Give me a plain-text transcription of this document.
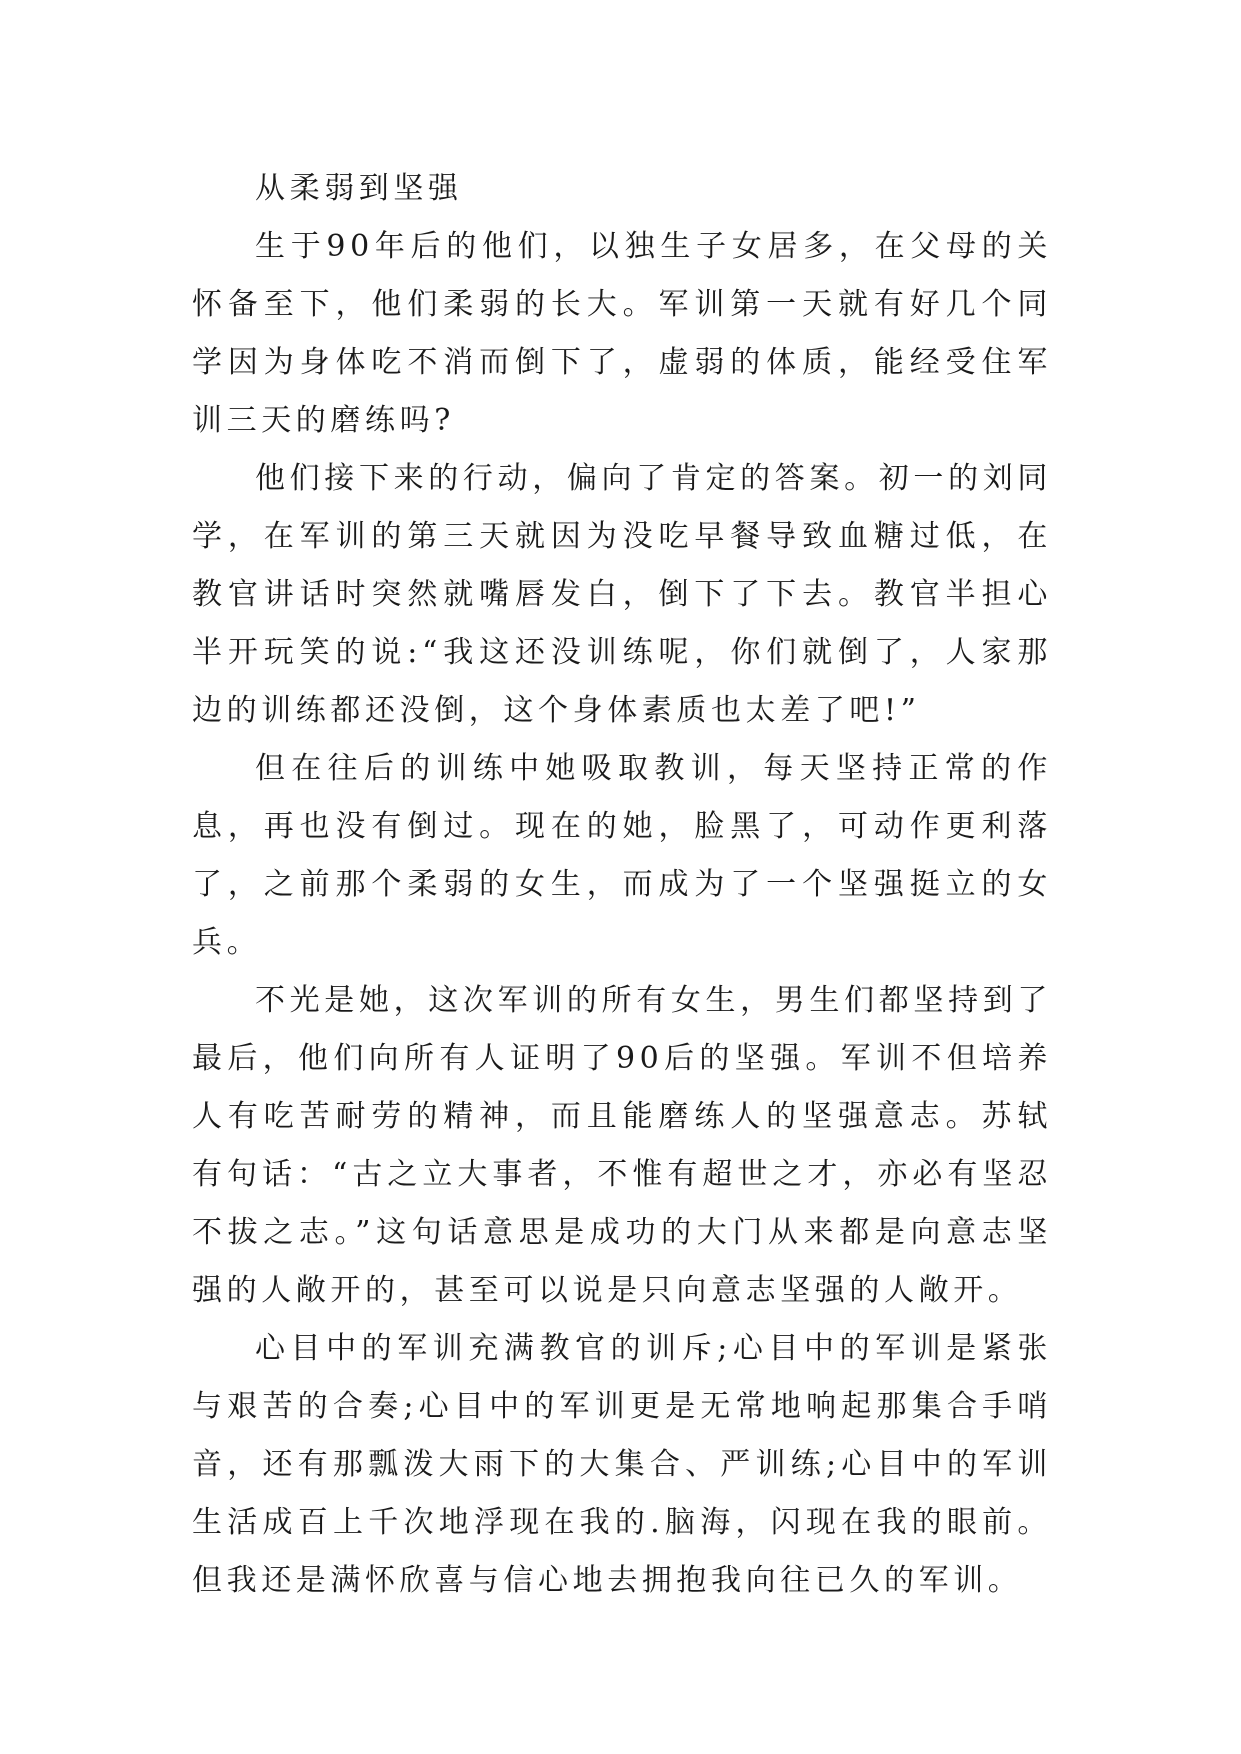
从柔弱到坚强

生于90年后的他们，以独生子女居多，在父母的关怀备至下，他们柔弱的长大。军训第一天就有好几个同学因为身体吃不消而倒下了，虚弱的体质，能经受住军训三天的磨练吗?

他们接下来的行动，偏向了肯定的答案。初一的刘同学，在军训的第三天就因为没吃早餐导致血糖过低，在教官讲话时突然就嘴唇发白，倒下了下去。教官半担心半开玩笑的说:“我这还没训练呢，你们就倒了，人家那边的训练都还没倒，这个身体素质也太差了吧!”

但在往后的训练中她吸取教训，每天坚持正常的作息，再也没有倒过。现在的她，脸黑了，可动作更利落了，之前那个柔弱的女生，而成为了一个坚强挺立的女兵。

不光是她，这次军训的所有女生，男生们都坚持到了最后，他们向所有人证明了90后的坚强。军训不但培养人有吃苦耐劳的精神，而且能磨练人的坚强意志。苏轼有句话：“古之立大事者，不惟有超世之才，亦必有坚忍不拔之志。”这句话意思是成功的大门从来都是向意志坚强的人敞开的，甚至可以说是只向意志坚强的人敞开。

心目中的军训充满教官的训斥;心目中的军训是紧张与艰苦的合奏;心目中的军训更是无常地响起那集合手哨音，还有那瓢泼大雨下的大集合、严训练;心目中的军训生活成百上千次地浮现在我的.脑海，闪现在我的眼前。但我还是满怀欣喜与信心地去拥抱我向往已久的军训。
